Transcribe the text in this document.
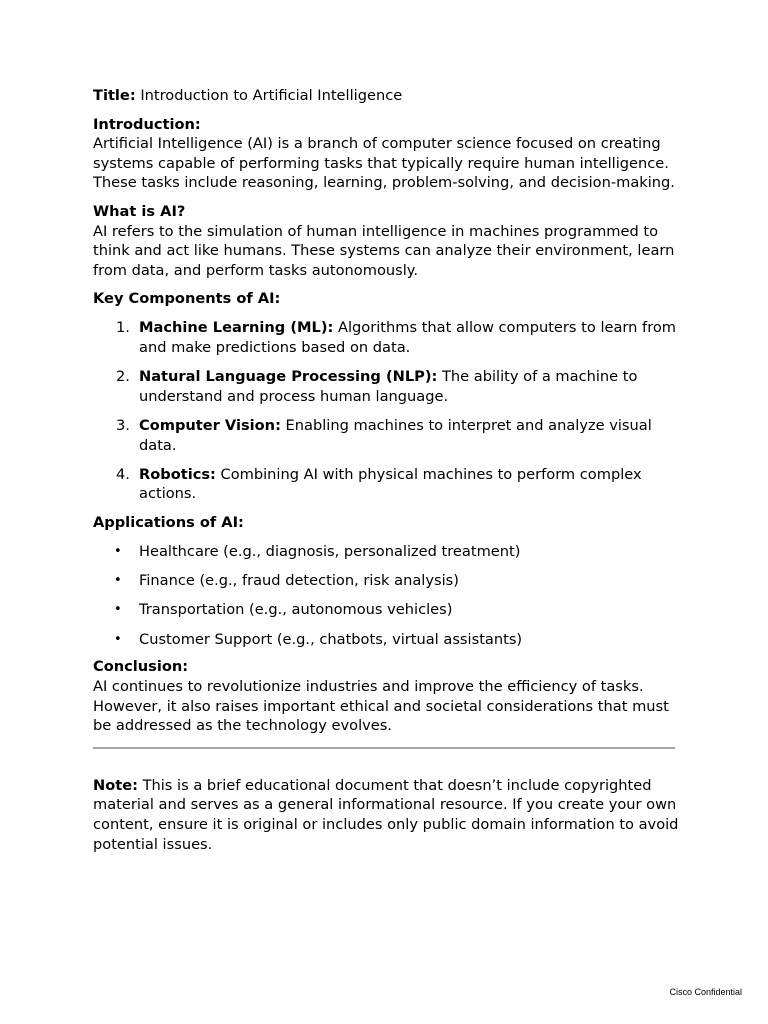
Title: Introduction to Artificial Intelligence

Introduction:

Artificial Intelligence (AI) is a branch of computer science focused on creating systems capable of performing tasks that typically require human intelligence. These tasks include reasoning, learning, problem-solving, and decision-making.

What is AI?

AI refers to the simulation of human intelligence in machines programmed to think and act like humans. These systems can analyze their environment, learn from data, and perform tasks autonomously.

Key Components of AI:

1. Machine Learning (ML): Algorithms that allow computers to learn from and make predictions based on data.
2. Natural Language Processing (NLP): The ability of a machine to understand and process human language.
3. Computer Vision: Enabling machines to interpret and analyze visual data.
4. Robotics: Combining AI with physical machines to perform complex actions.

Applications of AI:

• Healthcare (e.g., diagnosis, personalized treatment)
• Finance (e.g., fraud detection, risk analysis)
• Transportation (e.g., autonomous vehicles)
• Customer Support (e.g., chatbots, virtual assistants)

Conclusion:

AI continues to revolutionize industries and improve the efficiency of tasks. However, it also raises important ethical and societal considerations that must be addressed as the technology evolves.

Note: This is a brief educational document that doesn’t include copyrighted material and serves as a general informational resource. If you create your own content, ensure it is original or includes only public domain information to avoid potential issues.

Cisco Confidential
